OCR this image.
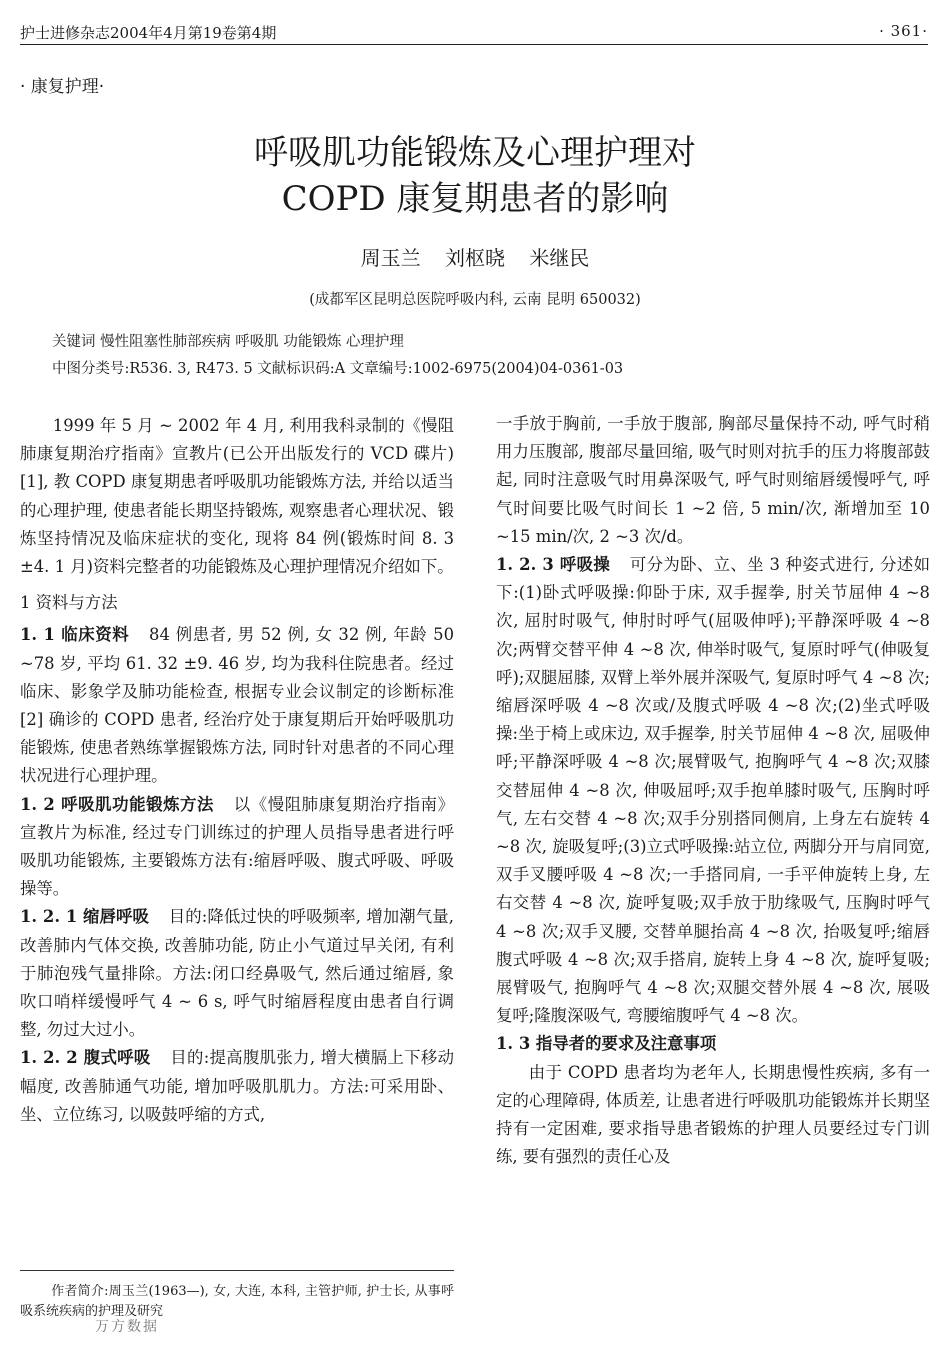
护士进修杂志2004年4月第19卷第4期	· 361·
· 康复护理·
呼吸肌功能锻炼及心理护理对
COPD 康复期患者的影响
周玉兰 刘枢晓 米继民
(成都军区昆明总医院呼吸内科, 云南 昆明 650032)
关键词 慢性阻塞性肺部疾病 呼吸肌 功能锻炼 心理护理
中图分类号:R536. 3, R473. 5 文献标识码:A 文章编号:1002-6975(2004)04-0361-03

1999 年 5 月 ~ 2002 年 4 月, 利用我科录制的《慢阻肺康复期治疗指南》宣教片(已公开出版发行的 VCD 碟片)[1], 教 COPD 康复期患者呼吸肌功能锻炼方法, 并给以适当的心理护理, 使患者能长期坚持锻炼, 观察患者心理状况、锻炼坚持情况及临床症状的变化, 现将 84 例(锻炼时间 8. 3 ±4. 1 月)资料完整者的功能锻炼及心理护理情况介绍如下。

1 资料与方法

1. 1 临床资料 84 例患者, 男 52 例, 女 32 例, 年龄 50 ~78 岁, 平均 61. 32 ±9. 46 岁, 均为我科住院患者。经过临床、影象学及肺功能检查, 根据专业会议制定的诊断标准[2] 确诊的 COPD 患者, 经治疗处于康复期后开始呼吸肌功能锻炼, 使患者熟练掌握锻炼方法, 同时针对患者的不同心理状况进行心理护理。

1. 2 呼吸肌功能锻炼方法 以《慢阻肺康复期治疗指南》宣教片为标准, 经过专门训练过的护理人员指导患者进行呼吸肌功能锻炼, 主要锻炼方法有:缩唇呼吸、腹式呼吸、呼吸操等。

1. 2. 1 缩唇呼吸 目的:降低过快的呼吸频率, 增加潮气量, 改善肺内气体交换, 改善肺功能, 防止小气道过早关闭, 有利于肺泡残气量排除。方法:闭口经鼻吸气, 然后通过缩唇, 象吹口哨样缓慢呼气 4 ~ 6 s, 呼气时缩唇程度由患者自行调整, 勿过大过小。

1. 2. 2 腹式呼吸 目的:提高腹肌张力, 增大横膈上下移动幅度, 改善肺通气功能, 增加呼吸肌肌力。方法:可采用卧、坐、立位练习, 以吸鼓呼缩的方式,

一手放于胸前, 一手放于腹部, 胸部尽量保持不动, 呼气时稍用力压腹部, 腹部尽量回缩, 吸气时则对抗手的压力将腹部鼓起, 同时注意吸气时用鼻深吸气, 呼气时则缩唇缓慢呼气, 呼气时间要比吸气时间长 1 ~2 倍, 5 min/次, 渐增加至 10 ~15 min/次, 2 ~3 次/d。

1. 2. 3 呼吸操 可分为卧、立、坐 3 种姿式进行, 分述如下:(1)卧式呼吸操:仰卧于床, 双手握拳, 肘关节屈伸 4 ~8 次, 屈肘时吸气, 伸肘时呼气(屈吸伸呼);平静深呼吸 4 ~8 次;两臂交替平伸 4 ~8 次, 伸举时吸气, 复原时呼气(伸吸复呼);双腿屈膝, 双臂上举外展并深吸气, 复原时呼气 4 ~8 次;缩唇深呼吸 4 ~8 次或/及腹式呼吸 4 ~8 次;(2)坐式呼吸操:坐于椅上或床边, 双手握拳, 肘关节屈伸 4 ~8 次, 屈吸伸呼;平静深呼吸 4 ~8 次;展臂吸气, 抱胸呼气 4 ~8 次;双膝交替屈伸 4 ~8 次, 伸吸屈呼;双手抱单膝时吸气, 压胸时呼气, 左右交替 4 ~8 次;双手分别搭同侧肩, 上身左右旋转 4 ~8 次, 旋吸复呼;(3)立式呼吸操:站立位, 两脚分开与肩同宽, 双手叉腰呼吸 4 ~8 次;一手搭同肩, 一手平伸旋转上身, 左右交替 4 ~8 次, 旋呼复吸;双手放于肋缘吸气, 压胸时呼气 4 ~8 次;双手叉腰, 交替单腿抬高 4 ~8 次, 抬吸复呼;缩唇腹式呼吸 4 ~8 次;双手搭肩, 旋转上身 4 ~8 次, 旋呼复吸;展臂吸气, 抱胸呼气 4 ~8 次;双腿交替外展 4 ~8 次, 展吸复呼;隆腹深吸气, 弯腰缩腹呼气 4 ~8 次。

1. 3 指导者的要求及注意事项

由于 COPD 患者均为老年人, 长期患慢性疾病, 多有一定的心理障碍, 体质差, 让患者进行呼吸肌功能锻炼并长期坚持有一定困难, 要求指导患者锻炼的护理人员要经过专门训练, 要有强烈的责任心及

作者简介:周玉兰(1963—), 女, 大连, 本科, 主管护师, 护士长, 从事呼吸系统疾病的护理及研究
万方数据
